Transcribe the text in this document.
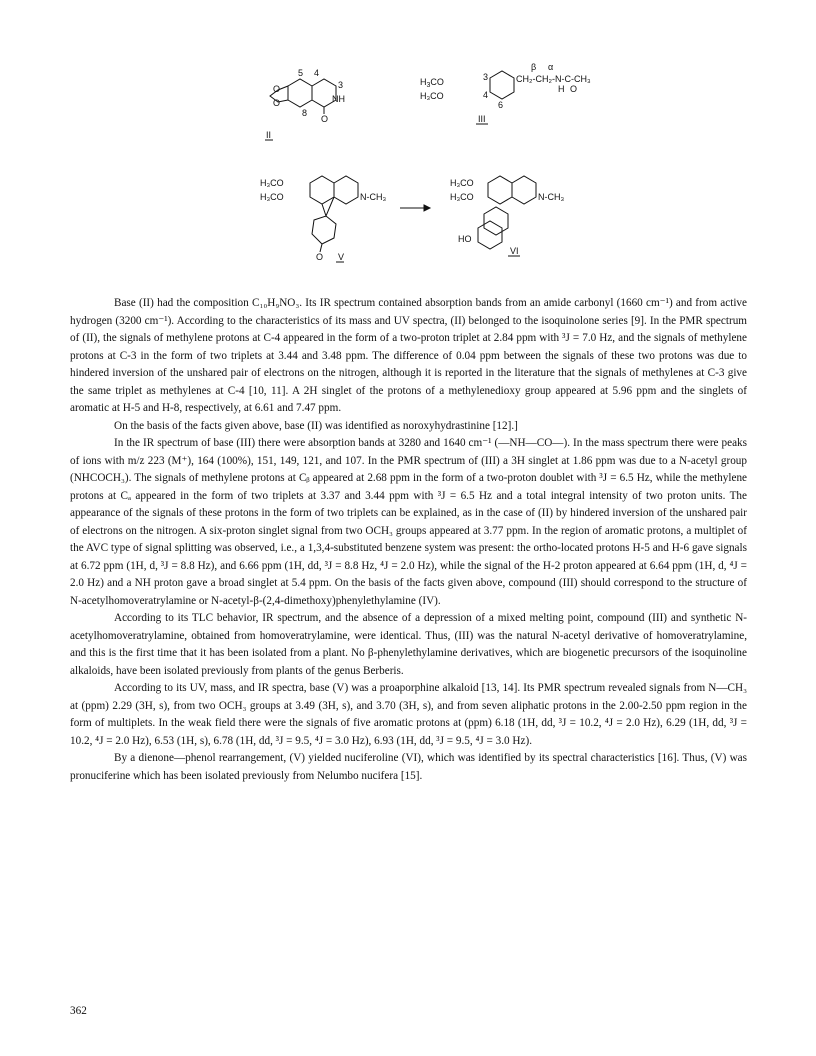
O
O
5 4
3
NH
8
O
II
$H_3CO$	3	CH₂-CH₂-N-C-CH₃
β α
H O
H₃CO	4
6
III
H₃CO
H₃CO	N-CH₃
O V
H₃CO
H₃CO	N-CH₃
HO
VI

Base (II) had the composition C₁₀H₉NO₃. Its IR spectrum contained absorption bands from an amide carbonyl (1660 cm⁻¹) and from active hydrogen (3200 cm⁻¹). According to the characteristics of its mass and UV spectra, (II) belonged to the isoquinolone series [9]. In the PMR spectrum of (II), the signals of methylene protons at C-4 appeared in the form of a two-proton triplet at 2.84 ppm with ³J = 7.0 Hz, and the signals of methylene protons at C-3 in the form of two triplets at 3.44 and 3.48 ppm. The difference of 0.04 ppm between the signals of these two protons was due to hindered inversion of the unshared pair of electrons on the nitrogen, although it is reported in the literature that the signals of methylenes at C-3 give the same triplet as methylenes at C-4 [10, 11]. A 2H singlet of the protons of a methylenedioxy group appeared at 5.96 ppm and the singlets of aromatic at H-5 and H-8, respectively, at 6.61 and 7.47 ppm.

On the basis of the facts given above, base (II) was identified as noroxyhydrastinine [12].]

In the IR spectrum of base (III) there were absorption bands at 3280 and 1640 cm⁻¹ (—NH—CO—). In the mass spectrum there were peaks of ions with m/z 223 (M⁺), 164 (100%), 151, 149, 121, and 107. In the PMR spectrum of (III) a 3H singlet at 1.86 ppm was due to a N-acetyl group (NHCOCH₃). The signals of methylene protons at Cᵦ appeared at 2.68 ppm in the form of a two-proton doublet with ³J = 6.5 Hz, while the methylene protons at Cₐ appeared in the form of two triplets at 3.37 and 3.44 ppm with ³J = 6.5 Hz and a total integral intensity of two proton units. The appearance of the signals of these protons in the form of two triplets can be explained, as in the case of (II) by hindered inversion of the unshared pair of electrons on the nitrogen. A six-proton singlet signal from two OCH₃ groups appeared at 3.77 ppm. In the region of aromatic protons, a multiplet of the AVC type of signal splitting was observed, i.e., a 1,3,4-substituted benzene system was present: the ortho-located protons H-5 and H-6 gave signals at 6.72 ppm (1H, d, ³J = 8.8 Hz), and 6.66 ppm (1H, dd, ³J = 8.8 Hz, ⁴J = 2.0 Hz), while the signal of the H-2 proton appeared at 6.64 ppm (1H, d, ⁴J = 2.0 Hz) and a NH proton gave a broad singlet at 5.4 ppm. On the basis of the facts given above, compound (III) should correspond to the structure of N-acetylhomoveratrylamine or N-acetyl-β-(2,4-dimethoxy)phenylethylamine (IV).

According to its TLC behavior, IR spectrum, and the absence of a depression of a mixed melting point, compound (III) and synthetic N-acetylhomoveratrylamine, obtained from homoveratrylamine, were identical. Thus, (III) was the natural N-acetyl derivative of homoveratrylamine, and this is the first time that it has been isolated from a plant. No β-phenylethylamine derivatives, which are biogenetic precursors of the isoquinoline alkaloids, have been isolated previously from plants of the genus Berberis.

According to its UV, mass, and IR spectra, base (V) was a proaporphine alkaloid [13, 14]. Its PMR spectrum revealed signals from N—CH₃ at (ppm) 2.29 (3H, s), from two OCH₃ groups at 3.49 (3H, s), and 3.70 (3H, s), and from seven aliphatic protons in the 2.00-2.50 ppm region in the form of multiplets. In the weak field there were the signals of five aromatic protons at (ppm) 6.18 (1H, dd, ³J = 10.2, ⁴J = 2.0 Hz), 6.29 (1H, dd, ³J = 10.2, ⁴J = 2.0 Hz), 6.53 (1H, s), 6.78 (1H, dd, ³J = 9.5, ⁴J = 3.0 Hz), 6.93 (1H, dd, ³J = 9.5, ⁴J = 3.0 Hz).

By a dienone—phenol rearrangement, (V) yielded nuciferoline (VI), which was identified by its spectral characteristics [16]. Thus, (V) was pronuciferine which has been isolated previously from Nelumbo nucifera [15].

362
